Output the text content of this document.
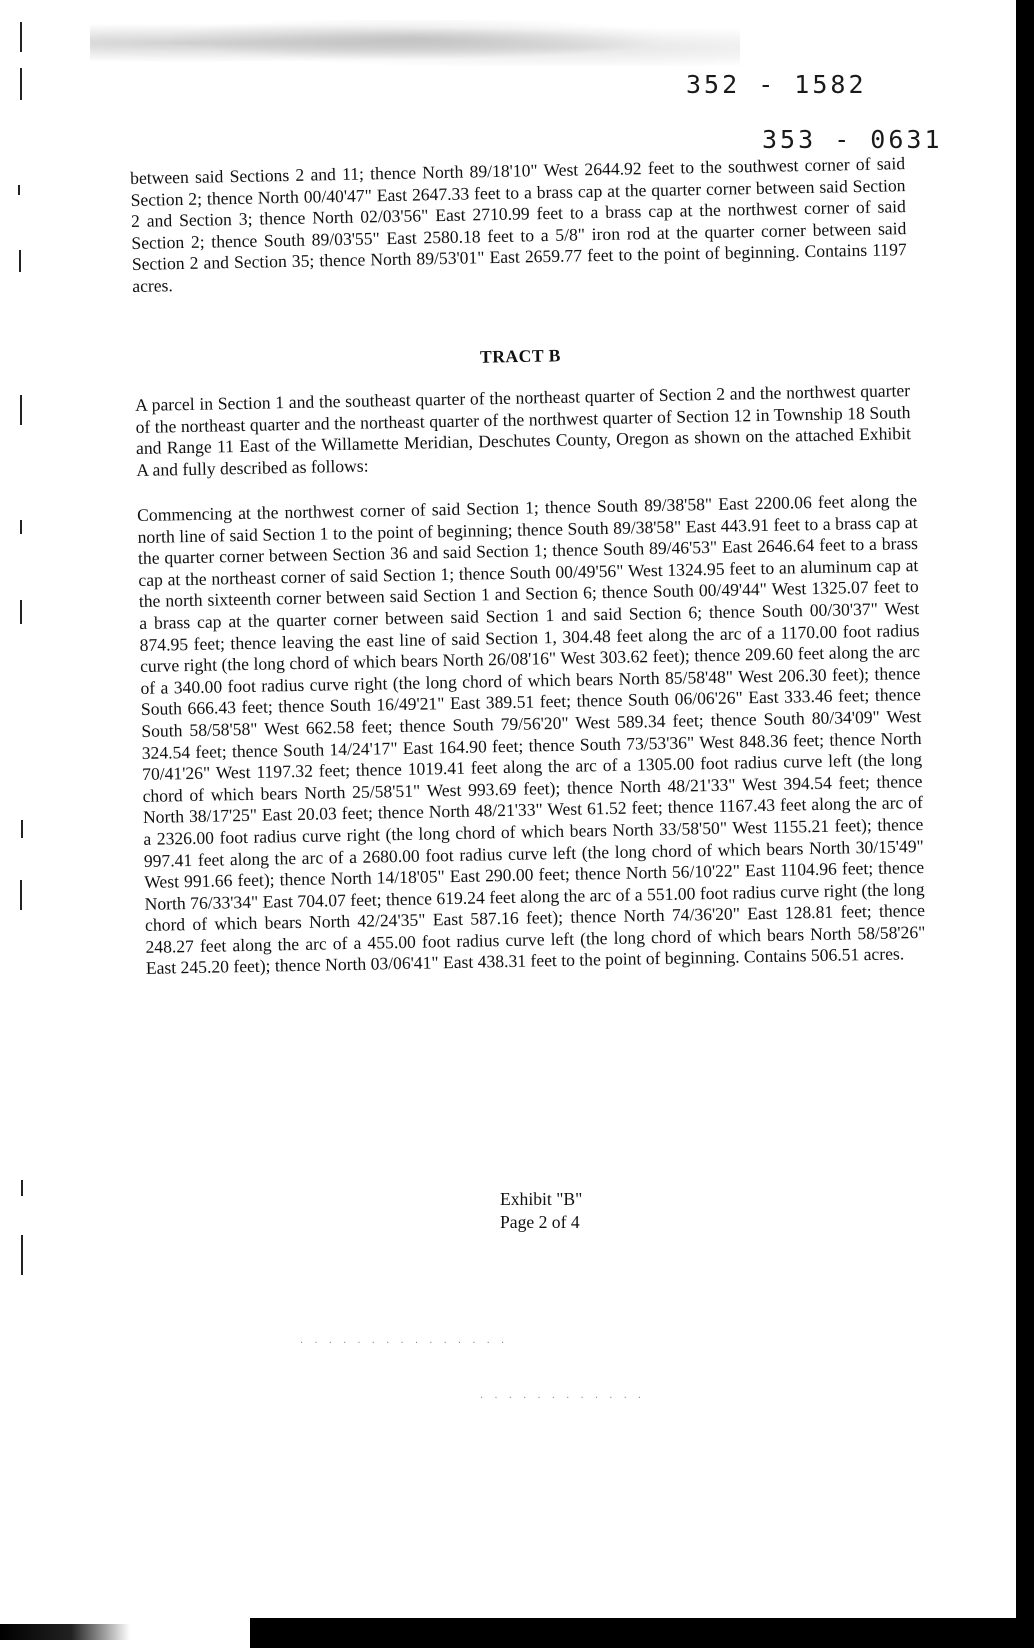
. . . . . . . . . . . . . . .
. . . . . . . . . . . .
352 - 1582
353 - 0631

between said Sections 2 and 11; thence North 89/18'10" West 2644.92 feet to the southwest corner of said Section 2; thence North 00/40'47" East 2647.33 feet to a brass cap at the quarter corner between said Section 2 and Section 3; thence North 02/03'56" East 2710.99 feet to a brass cap at the northwest corner of said Section 2; thence South 89/03'55" East 2580.18 feet to a 5/8" iron rod at the quarter corner between said Section 2 and Section 35; thence North 89/53'01" East 2659.77 feet to the point of beginning. Contains 1197 acres.

TRACT B

A parcel in Section 1 and the southeast quarter of the northeast quarter of Section 2 and the northwest quarter of the northeast quarter and the northeast quarter of the northwest quarter of Section 12 in Township 18 South and Range 11 East of the Willamette Meridian, Deschutes County, Oregon as shown on the attached Exhibit A and fully described as follows:

Commencing at the northwest corner of said Section 1; thence South 89/38'58" East 2200.06 feet along the north line of said Section 1 to the point of beginning; thence South 89/38'58" East 443.91 feet to a brass cap at the quarter corner between Section 36 and said Section 1; thence South 89/46'53" East 2646.64 feet to a brass cap at the northeast corner of said Section 1; thence South 00/49'56" West 1324.95 feet to an aluminum cap at the north sixteenth corner between said Section 1 and Section 6; thence South 00/49'44" West 1325.07 feet to a brass cap at the quarter corner between said Section 1 and said Section 6; thence South 00/30'37" West 874.95 feet; thence leaving the east line of said Section 1, 304.48 feet along the arc of a 1170.00 foot radius curve right (the long chord of which bears North 26/08'16" West 303.62 feet); thence 209.60 feet along the arc of a 340.00 foot radius curve right (the long chord of which bears North 85/58'48" West 206.30 feet); thence South 666.43 feet; thence South 16/49'21" East 389.51 feet; thence South 06/06'26" East 333.46 feet; thence South 58/58'58" West 662.58 feet; thence South 79/56'20" West 589.34 feet; thence South 80/34'09" West 324.54 feet; thence South 14/24'17" East 164.90 feet; thence South 73/53'36" West 848.36 feet; thence North 70/41'26" West 1197.32 feet; thence 1019.41 feet along the arc of a 1305.00 foot radius curve left (the long chord of which bears North 25/58'51" West 993.69 feet); thence North 48/21'33" West 394.54 feet; thence North 38/17'25" East 20.03 feet; thence North 48/21'33" West 61.52 feet; thence 1167.43 feet along the arc of a 2326.00 foot radius curve right (the long chord of which bears North 33/58'50" West 1155.21 feet); thence 997.41 feet along the arc of a 2680.00 foot radius curve left (the long chord of which bears North 30/15'49" West 991.66 feet); thence North 14/18'05" East 290.00 feet; thence North 56/10'22" East 1104.96 feet; thence North 76/33'34" East 704.07 feet; thence 619.24 feet along the arc of a 551.00 foot radius curve right (the long chord of which bears North 42/24'35" East 587.16 feet); thence North 74/36'20" East 128.81 feet; thence 248.27 feet along the arc of a 455.00 foot radius curve left (the long chord of which bears North 58/58'26" East 245.20 feet); thence North 03/06'41" East 438.31 feet to the point of beginning. Contains 506.51 acres.

Exhibit "B"
Page 2 of 4
